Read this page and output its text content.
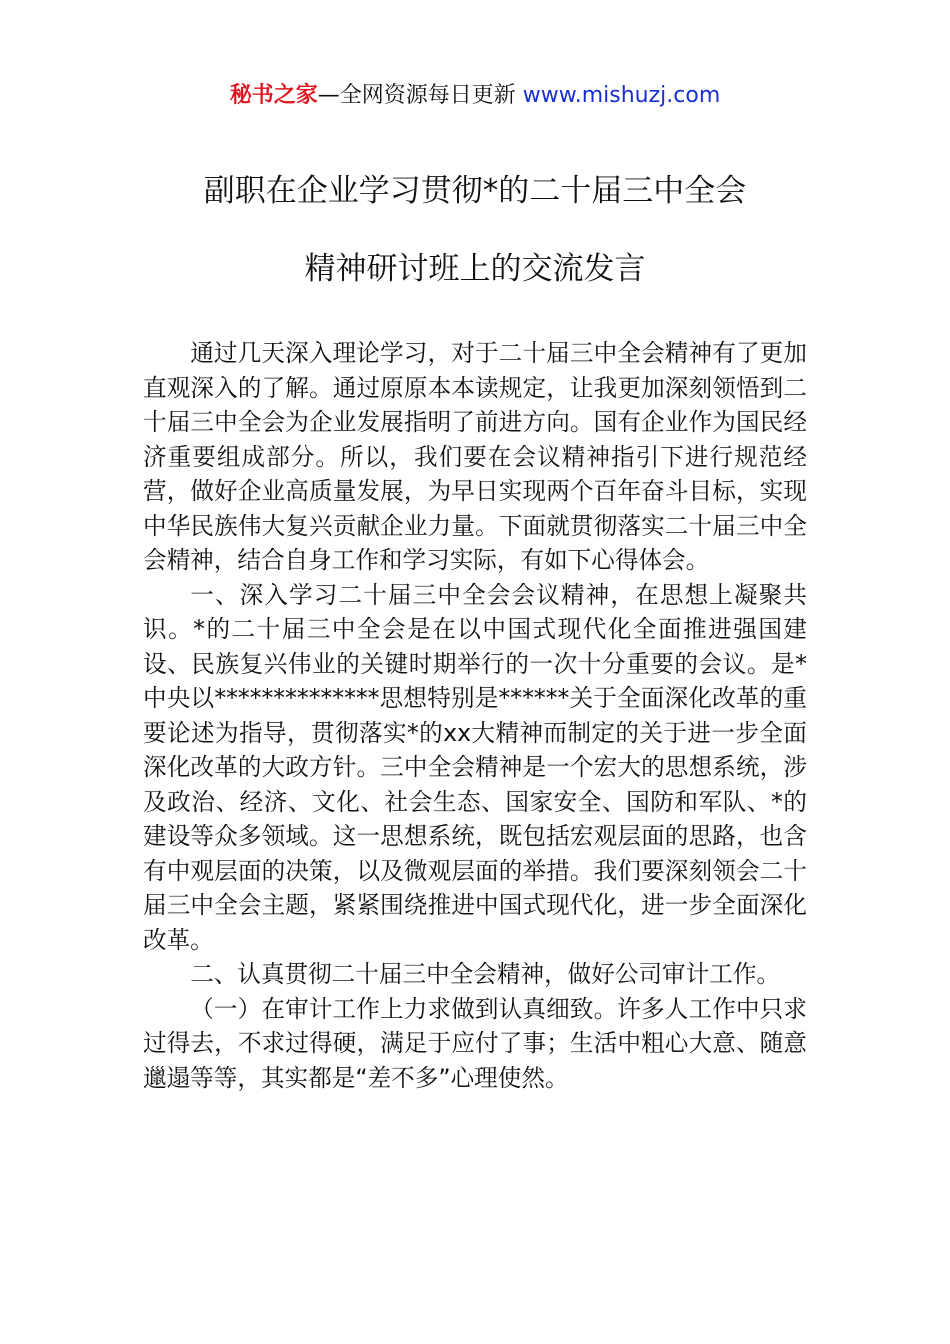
秘书之家—全网资源每日更新 www.mishuzj.com
副职在企业学习贯彻*的二十届三中全会
精神研讨班上的交流发言

通过几天深入理论学习，对于二十届三中全会精神有了更加直观深入的了解。通过原原本本读规定，让我更加深刻领悟到二十届三中全会为企业发展指明了前进方向。国有企业作为国民经济重要组成部分。所以，我们要在会议精神指引下进行规范经营，做好企业高质量发展，为早日实现两个百年奋斗目标，实现中华民族伟大复兴贡献企业力量。下面就贯彻落实二十届三中全会精神，结合自身工作和学习实际，有如下心得体会。

一、深入学习二十届三中全会会议精神，在思想上凝聚共识。*的二十届三中全会是在以中国式现代化全面推进强国建设、民族复兴伟业的关键时期举行的一次十分重要的会议。是*中央以**************思想特别是******关于全面深化改革的重要论述为指导，贯彻落实*的xx大精神而制定的关于进一步全面深化改革的大政方针。三中全会精神是一个宏大的思想系统，涉及政治、经济、文化、社会生态、国家安全、国防和军队、*的建设等众多领域。这一思想系统，既包括宏观层面的思路，也含有中观层面的决策，以及微观层面的举措。我们要深刻领会二十届三中全会主题，紧紧围绕推进中国式现代化，进一步全面深化改革。

二、认真贯彻二十届三中全会精神，做好公司审计工作。

（一）在审计工作上力求做到认真细致。许多人工作中只求过得去，不求过得硬，满足于应付了事；生活中粗心大意、随意邋遢等等，其实都是“差不多”心理使然。
